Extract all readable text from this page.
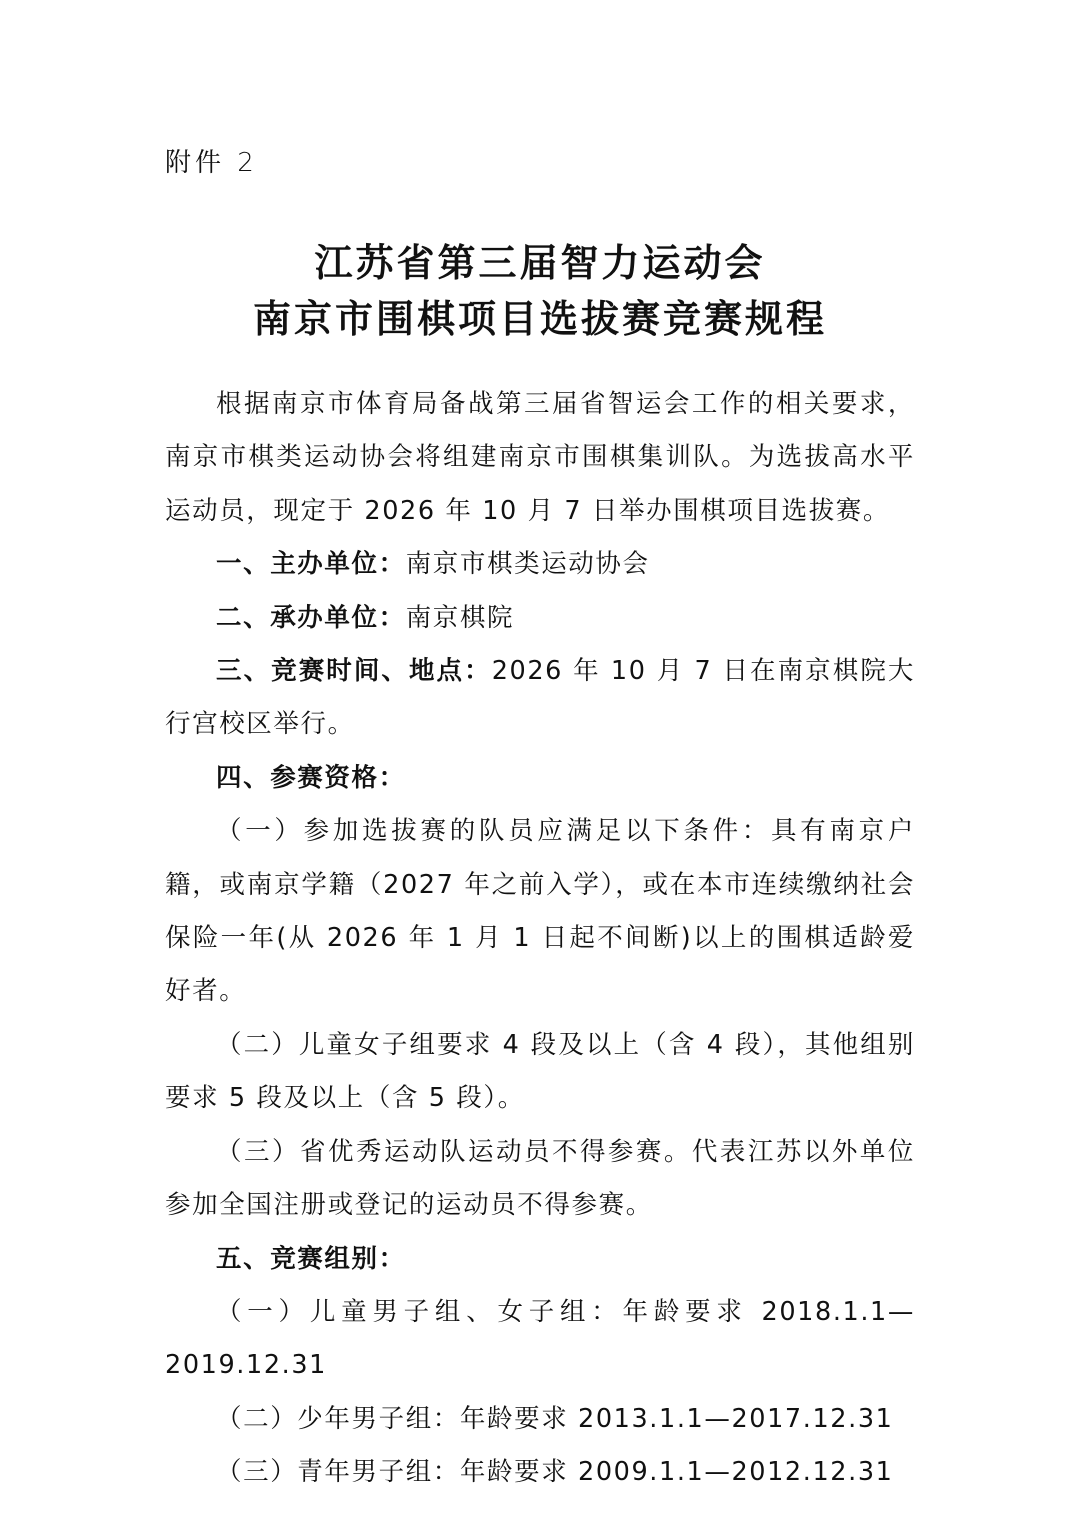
附件 2
江苏省第三届智力运动会
南京市围棋项目选拔赛竞赛规程

根据南京市体育局备战第三届省智运会工作的相关要求，南京市棋类运动协会将组建南京市围棋集训队。为选拔高水平运动员，现定于 2026 年 10 月 7 日举办围棋项目选拔赛。

一、主办单位：南京市棋类运动协会

二、承办单位：南京棋院

三、竞赛时间、地点：2026 年 10 月 7 日在南京棋院大行宫校区举行。

四、参赛资格：

（一）参加选拔赛的队员应满足以下条件：具有南京户籍，或南京学籍（2027 年之前入学），或在本市连续缴纳社会保险一年(从 2026 年 1 月 1 日起不间断)以上的围棋适龄爱好者。

（二）儿童女子组要求 4 段及以上（含 4 段），其他组别要求 5 段及以上（含 5 段）。

（三）省优秀运动队运动员不得参赛。代表江苏以外单位参加全国注册或登记的运动员不得参赛。

五、竞赛组别：

（一）儿童男子组、女子组：年龄要求 2018.1.1—2019.12.31

（二）少年男子组：年龄要求 2013.1.1—2017.12.31

（三）青年男子组：年龄要求 2009.1.1—2012.12.31
